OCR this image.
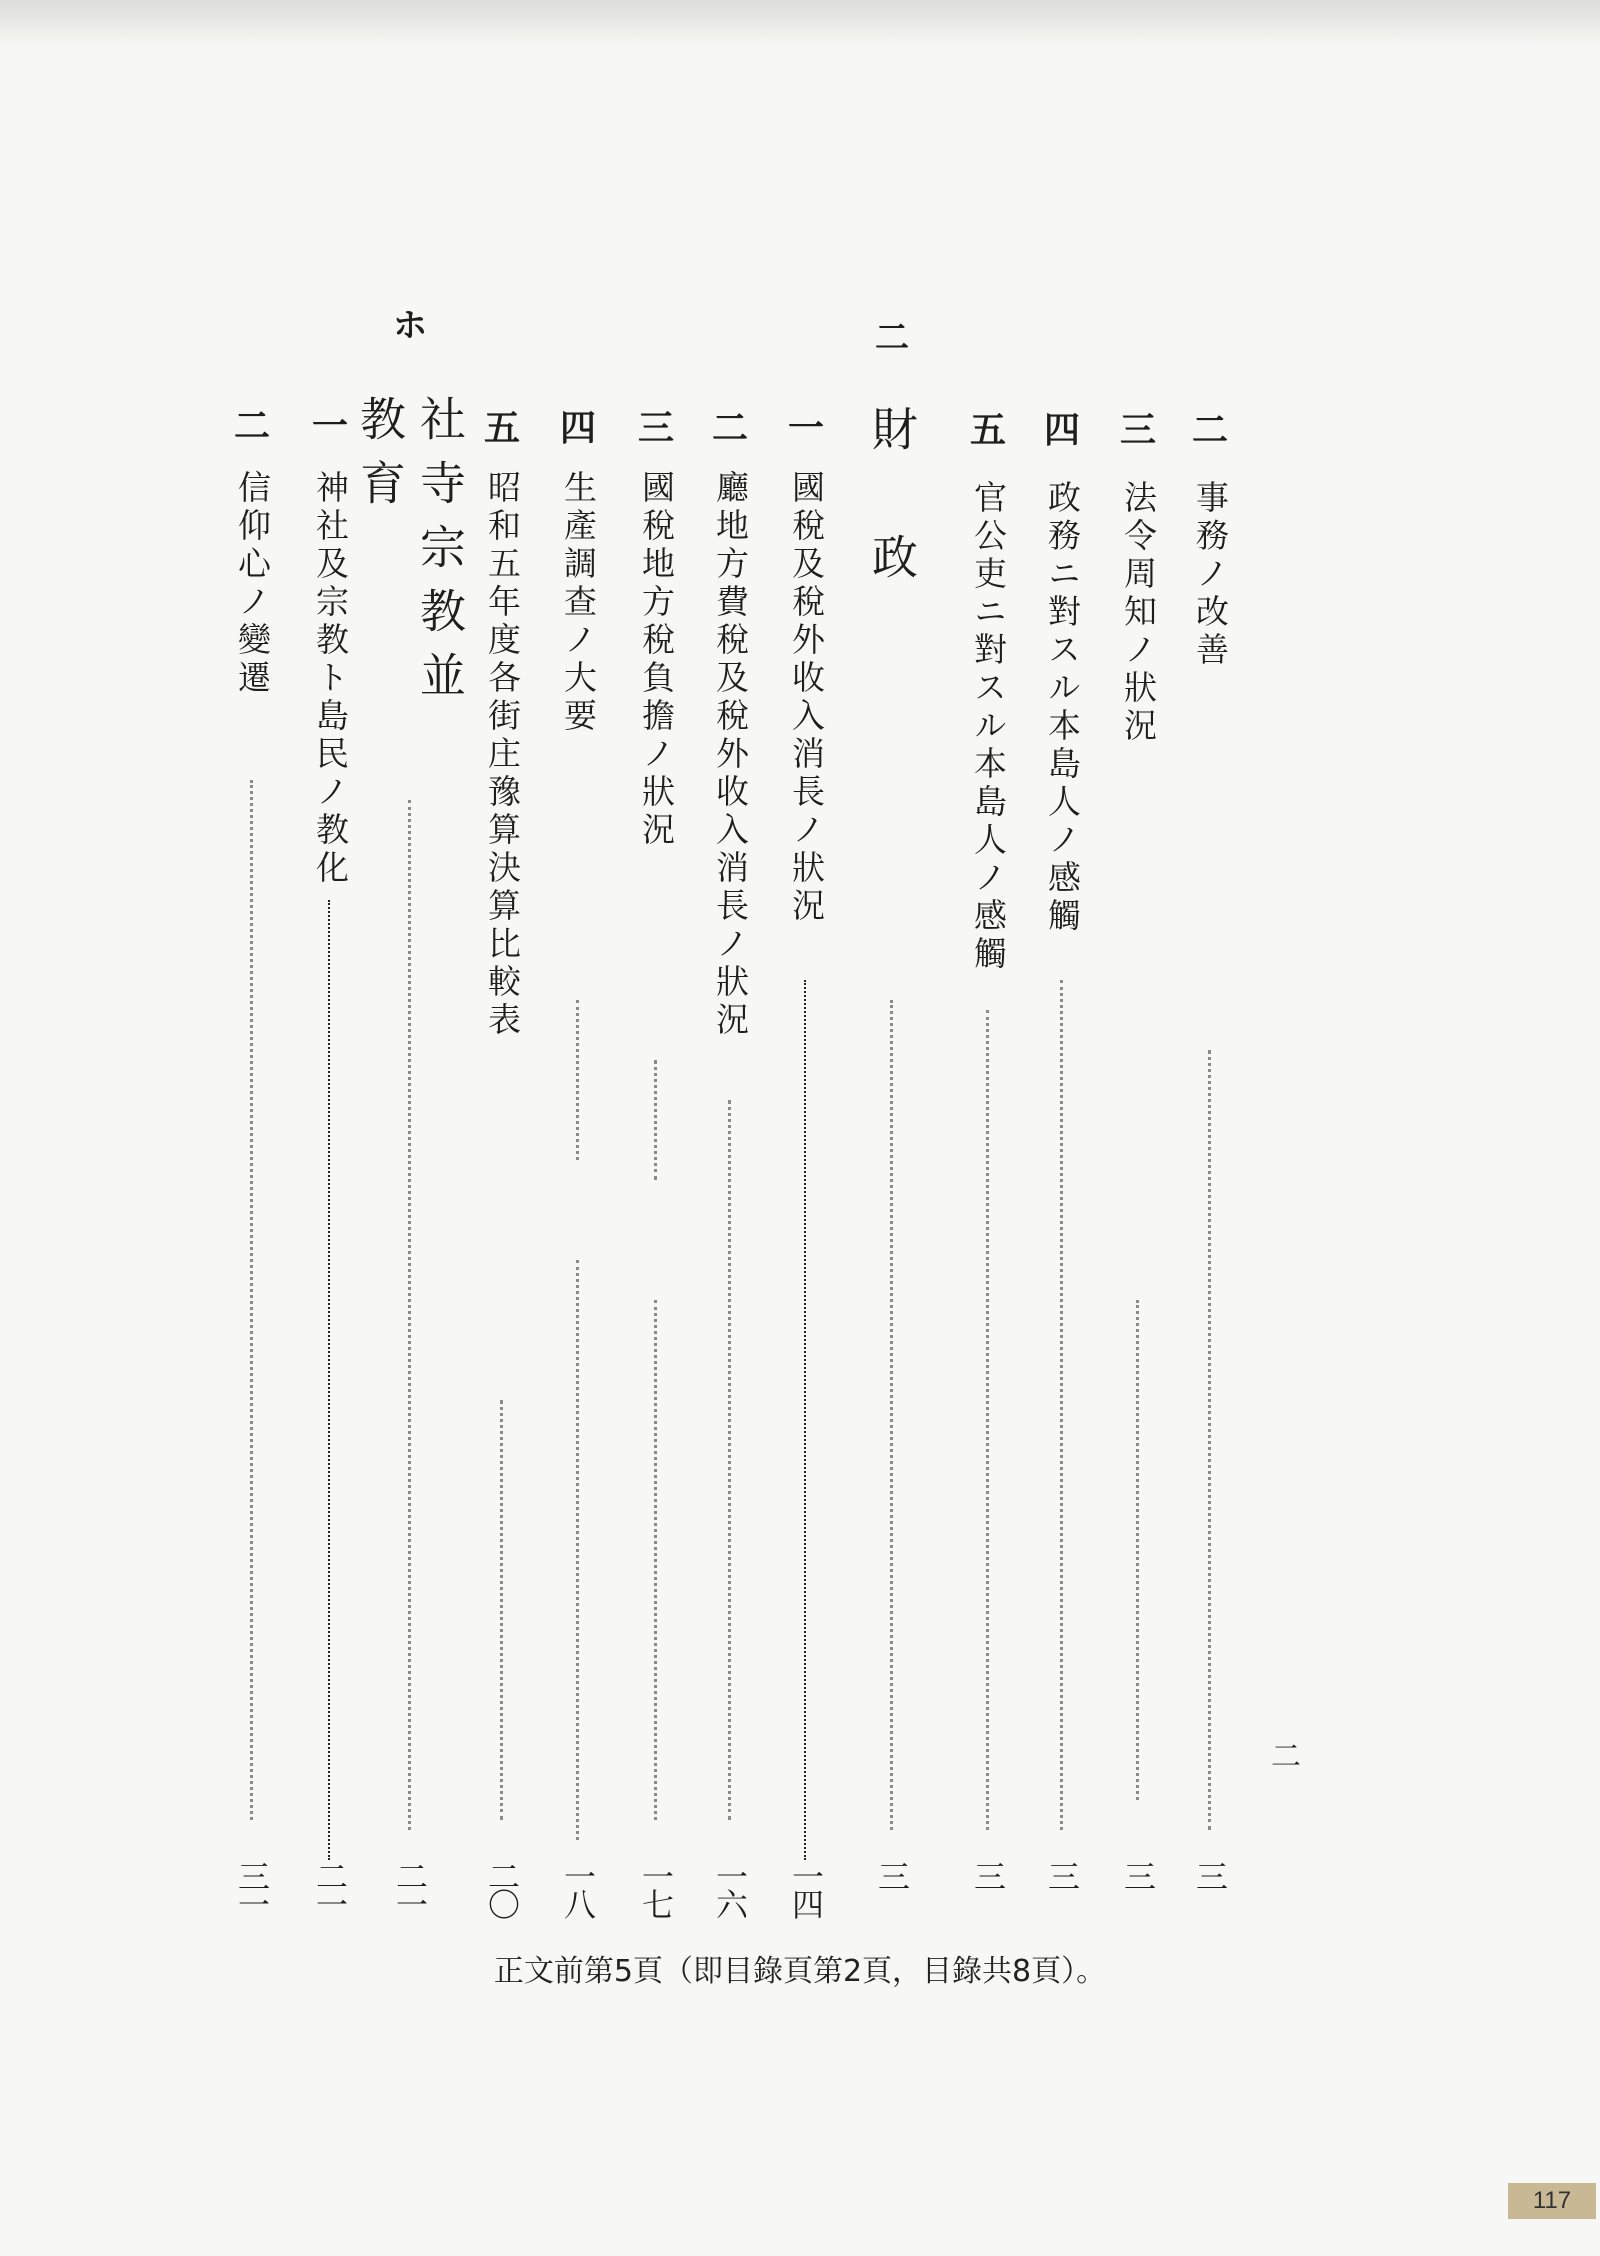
二
ホ
二
事務ノ改善
三
三
法令周知ノ狀況
三
四
政務ニ對スル本島人ノ感觸
三
五
官公吏ニ對スル本島人ノ感觸
三
財　政
三
一
國稅及稅外收入消長ノ狀況
一四
二
廳地方費稅及稅外收入消長ノ狀況
一六
三
國稅地方稅負擔ノ狀況
一七
四
生產調查ノ大要
一八
五
昭和五年度各街庄豫算決算比較表
二〇
社寺宗教並教育
二一
一
神社及宗教ト島民ノ教化
二一
二
信仰心ノ變遷
三一
二
正文前第5頁（即目錄頁第2頁，目錄共8頁）。
117
